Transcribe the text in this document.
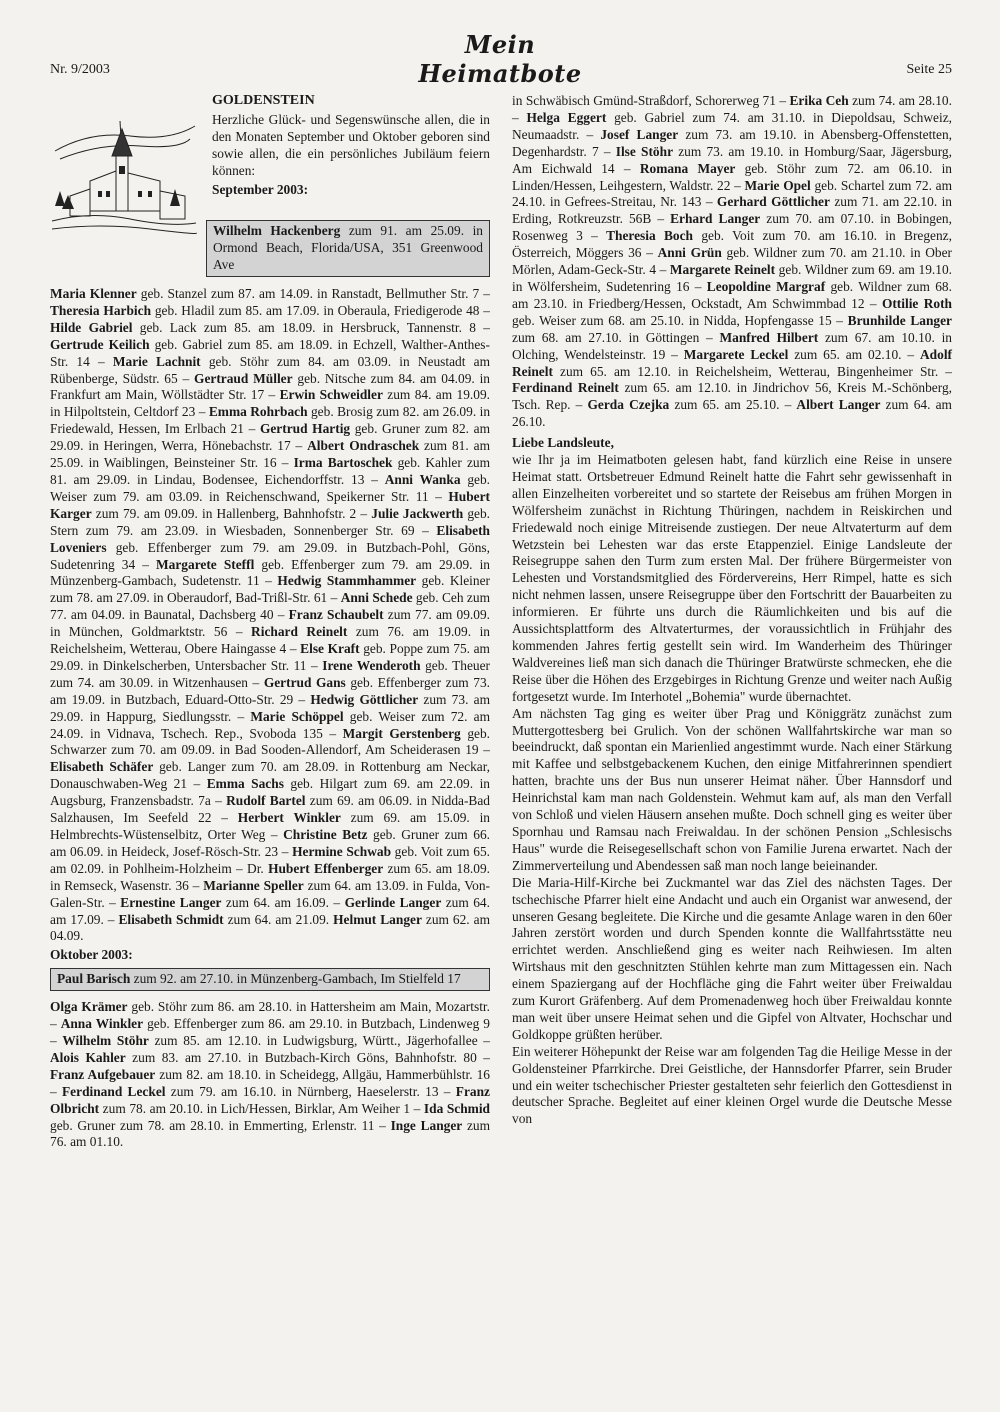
Nr. 9/2003
Mein Heimatbote	Seite 25
GOLDENSTEIN

Herzliche Glück- und Segenswünsche allen, die in den Monaten September und Oktober geboren sind sowie allen, die ein persönliches Jubiläum feiern können:

September 2003:
Wilhelm Hackenberg zum 91. am 25.09. in Ormond Beach, Florida/USA, 351 Greenwood Ave

Maria Klenner geb. Stanzel zum 87. am 14.09. in Ranstadt, Bellmuther Str. 7 – Theresia Harbich geb. Hladil zum 85. am 17.09. in Oberaula, Friedigerode 48 – Hilde Gabriel geb. Lack zum 85. am 18.09. in Hersbruck, Tannenstr. 8 – Gertrude Keilich geb. Gabriel zum 85. am 18.09. in Echzell, Walther-Anthes-Str. 14 – Marie Lachnit geb. Stöhr zum 84. am 03.09. in Neustadt am Rübenberge, Südstr. 65 – Gertraud Müller geb. Nitsche zum 84. am 04.09. in Frankfurt am Main, Wöllstädter Str. 17 – Erwin Schweidler zum 84. am 19.09. in Hilpoltstein, Celtdorf 23 – Emma Rohrbach geb. Brosig zum 82. am 26.09. in Friedewald, Hessen, Im Erlbach 21 – Gertrud Hartig geb. Gruner zum 82. am 29.09. in Heringen, Werra, Hönebachstr. 17 – Albert Ondraschek zum 81. am 25.09. in Waiblingen, Beinsteiner Str. 16 – Irma Bartoschek geb. Kahler zum 81. am 29.09. in Lindau, Bodensee, Eichendorffstr. 13 – Anni Wanka geb. Weiser zum 79. am 03.09. in Reichenschwand, Speikerner Str. 11 – Hubert Karger zum 79. am 09.09. in Hallenberg, Bahnhofstr. 2 – Julie Jackwerth geb. Stern zum 79. am 23.09. in Wiesbaden, Sonnenberger Str. 69 – Elisabeth Loveniers geb. Effenberger zum 79. am 29.09. in Butzbach-Pohl, Göns, Sudetenring 34 – Margarete Steffl geb. Effenberger zum 79. am 29.09. in Münzenberg-Gambach, Sudetenstr. 11 – Hedwig Stammhammer geb. Kleiner zum 78. am 27.09. in Oberaudorf, Bad-Trißl-Str. 61 – Anni Schede geb. Ceh zum 77. am 04.09. in Baunatal, Dachsberg 40 – Franz Schaubelt zum 77. am 09.09. in München, Goldmarktstr. 56 – Richard Reinelt zum 76. am 19.09. in Reichelsheim, Wetterau, Obere Haingasse 4 – Else Kraft geb. Poppe zum 75. am 29.09. in Dinkelscherben, Untersbacher Str. 11 – Irene Wenderoth geb. Theuer zum 74. am 30.09. in Witzenhausen – Gertrud Gans geb. Effenberger zum 73. am 19.09. in Butzbach, Eduard-Otto-Str. 29 – Hedwig Göttlicher zum 73. am 29.09. in Happurg, Siedlungsstr. – Marie Schöppel geb. Weiser zum 72. am 24.09. in Vidnava, Tschech. Rep., Svoboda 135 – Margit Gerstenberg geb. Schwarzer zum 70. am 09.09. in Bad Sooden-Allendorf, Am Scheiderasen 19 – Elisabeth Schäfer geb. Langer zum 70. am 28.09. in Rottenburg am Neckar, Donauschwaben-Weg 21 – Emma Sachs geb. Hilgart zum 69. am 22.09. in Augsburg, Franzensbadstr. 7a – Rudolf Bartel zum 69. am 06.09. in Nidda-Bad Salzhausen, Im Seefeld 22 – Herbert Winkler zum 69. am 15.09. in Helmbrechts-Wüstenselbitz, Orter Weg – Christine Betz geb. Gruner zum 66. am 06.09. in Heideck, Josef-Rösch-Str. 23 – Hermine Schwab geb. Voit zum 65. am 02.09. in Pohlheim-Holzheim – Dr. Hubert Effenberger zum 65. am 18.09. in Remseck, Wasenstr. 36 – Marianne Speller zum 64. am 13.09. in Fulda, Von-Galen-Str. – Ernestine Langer zum 64. am 16.09. – Gerlinde Langer zum 64. am 17.09. – Elisabeth Schmidt zum 64. am 21.09. Helmut Langer zum 62. am 04.09.

Oktober 2003:
Paul Barisch zum 92. am 27.10. in Münzenberg-Gambach, Im Stielfeld 17

Olga Krämer geb. Stöhr zum 86. am 28.10. in Hattersheim am Main, Mozartstr. – Anna Winkler geb. Effenberger zum 86. am 29.10. in Butzbach, Lindenweg 9 – Wilhelm Stöhr zum 85. am 12.10. in Ludwigsburg, Württ., Jägerhofallee – Alois Kahler zum 83. am 27.10. in Butzbach-Kirch Göns, Bahnhofstr. 80 – Franz Aufgebauer zum 82. am 18.10. in Scheidegg, Allgäu, Hammerbühlstr. 16 – Ferdinand Leckel zum 79. am 16.10. in Nürnberg, Haeselerstr. 13 – Franz Olbricht zum 78. am 20.10. in Lich/Hessen, Birklar, Am Weiher 1 – Ida Schmid geb. Gruner zum 78. am 28.10. in Emmerting, Erlenstr. 11 – Inge Langer zum 76. am 01.10.

in Schwäbisch Gmünd-Straßdorf, Schorerweg 71 – Erika Ceh zum 74. am 28.10. – Helga Eggert geb. Gabriel zum 74. am 31.10. in Diepoldsau, Schweiz, Neumaadstr. – Josef Langer zum 73. am 19.10. in Abensberg-Offenstetten, Degenhardstr. 7 – Ilse Stöhr zum 73. am 19.10. in Homburg/Saar, Jägersburg, Am Eichwald 14 – Romana Mayer geb. Stöhr zum 72. am 06.10. in Linden/Hessen, Leihgestern, Waldstr. 22 – Marie Opel geb. Schartel zum 72. am 24.10. in Gefrees-Streitau, Nr. 143 – Gerhard Göttlicher zum 71. am 22.10. in Erding, Rotkreuzstr. 56B – Erhard Langer zum 70. am 07.10. in Bobingen, Rosenweg 3 – Theresia Boch geb. Voit zum 70. am 16.10. in Bregenz, Österreich, Möggers 36 – Anni Grün geb. Wildner zum 70. am 21.10. in Ober Mörlen, Adam-Geck-Str. 4 – Margarete Reinelt geb. Wildner zum 69. am 19.10. in Wölfersheim, Sudetenring 16 – Leopoldine Margraf geb. Wildner zum 68. am 23.10. in Friedberg/Hessen, Ockstadt, Am Schwimmbad 12 – Ottilie Roth geb. Weiser zum 68. am 25.10. in Nidda, Hopfengasse 15 – Brunhilde Langer zum 68. am 27.10. in Göttingen – Manfred Hilbert zum 67. am 10.10. in Olching, Wendelsteinstr. 19 – Margarete Leckel zum 65. am 02.10. – Adolf Reinelt zum 65. am 12.10. in Reichelsheim, Wetterau, Bingenheimer Str. – Ferdinand Reinelt zum 65. am 12.10. in Jindrichov 56, Kreis M.-Schönberg, Tsch. Rep. – Gerda Czejka zum 65. am 25.10. – Albert Langer zum 64. am 26.10.

Liebe Landsleute,

wie Ihr ja im Heimatboten gelesen habt, fand kürzlich eine Reise in unsere Heimat statt. Ortsbetreuer Edmund Reinelt hatte die Fahrt sehr gewissenhaft in allen Einzelheiten vorbereitet und so startete der Reisebus am frühen Morgen in Wölfersheim zunächst in Richtung Thüringen, nachdem in Reiskirchen und Friedewald noch einige Mitreisende zustiegen. Der neue Altvaterturm auf dem Wetzstein bei Lehesten war das erste Etappenziel. Einige Landsleute der Reisegruppe sahen den Turm zum ersten Mal. Der frühere Bürgermeister von Lehesten und Vorstandsmitglied des Fördervereins, Herr Rimpel, hatte es sich nicht nehmen lassen, unsere Reisegruppe über den Fortschritt der Bauarbeiten zu informieren. Er führte uns durch die Räumlichkeiten und bis auf die Aussichtsplattform des Altvaterturmes, der voraussichtlich in Frühjahr des kommenden Jahres fertig gestellt sein wird. Im Wanderheim des Thüringer Waldvereines ließ man sich danach die Thüringer Bratwürste schmecken, ehe die Reise über die Höhen des Erzgebirges in Richtung Grenze und weiter nach Außig fortgesetzt wurde. Im Interhotel „Bohemia" wurde übernachtet.

Am nächsten Tag ging es weiter über Prag und Königgrätz zunächst zum Muttergottesberg bei Grulich. Von der schönen Wallfahrtskirche war man so beeindruckt, daß spontan ein Marienlied angestimmt wurde. Nach einer Stärkung mit Kaffee und selbstgebackenem Kuchen, den einige Mitfahrerinnen spendiert hatten, brachte uns der Bus nun unserer Heimat näher. Über Hannsdorf und Heinrichstal kam man nach Goldenstein. Wehmut kam auf, als man den Verfall von Schloß und vielen Häusern ansehen mußte. Doch schnell ging es weiter über Spornhau und Ramsau nach Freiwaldau. In der schönen Pension „Schlesischs Haus" wurde die Reisegesellschaft schon von Familie Jurena erwartet. Nach der Zimmerverteilung und Abendessen saß man noch lange beieinander.

Die Maria-Hilf-Kirche bei Zuckmantel war das Ziel des nächsten Tages. Der tschechische Pfarrer hielt eine Andacht und auch ein Organist war anwesend, der unseren Gesang begleitete. Die Kirche und die gesamte Anlage waren in den 60er Jahren zerstört worden und durch Spenden konnte die Wallfahrtsstätte neu errichtet werden. Anschließend ging es weiter nach Reihwiesen. Im alten Wirtshaus mit den geschnitzten Stühlen kehrte man zum Mittagessen ein. Nach einem Spaziergang auf der Hochfläche ging die Fahrt weiter über Freiwaldau zum Kurort Gräfenberg. Auf dem Promenadenweg hoch über Freiwaldau konnte man weit über unsere Heimat sehen und die Gipfel von Altvater, Hochschar und Goldkoppe grüßten herüber.

Ein weiterer Höhepunkt der Reise war am folgenden Tag die Heilige Messe in der Goldensteiner Pfarrkirche. Drei Geistliche, der Hannsdorfer Pfarrer, sein Bruder und ein weiter tschechischer Priester gestalteten sehr feierlich den Gottesdienst in deutscher Sprache. Begleitet auf einer kleinen Orgel wurde die Deutsche Messe von
